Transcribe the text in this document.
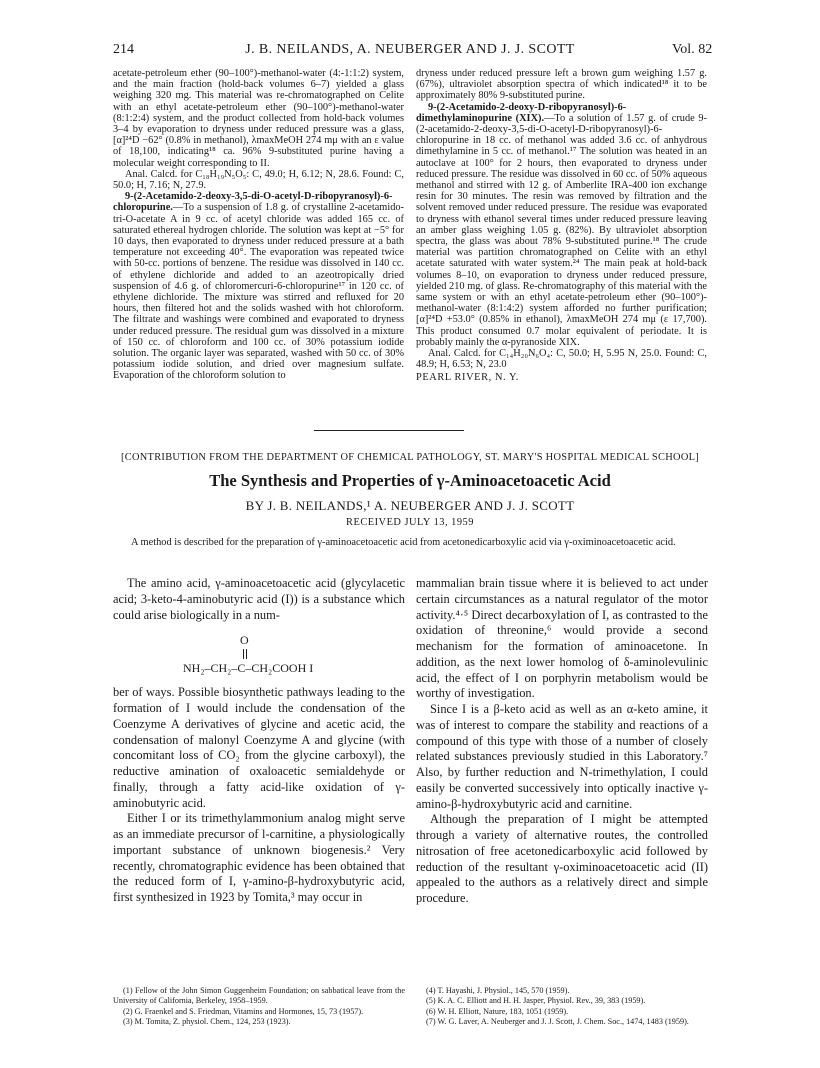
214	J. B. NEILANDS, A. NEUBERGER AND J. J. SCOTT	Vol. 82

acetate-petroleum ether (90–100°)-methanol-water (4:-1:1:2) system, and the main fraction (hold-back volumes 6–7) yielded a glass weighing 320 mg. This material was re-chromatographed on Celite with an ethyl acetate-petroleum ether (90–100°)-methanol-water (8:1:2:4) system, and the product collected from hold-back volumes 3–4 by evaporation to dryness under reduced pressure was a glass, [α]²⁴D −62° (0.8% in methanol), λmaxMeOH 274 mμ with an ε value of 18,100, indicating¹⁸ ca. 96% 9-substituted purine having a molecular weight corresponding to II.

Anal. Calcd. for C₁₈H₁₉N₅O₅: C, 49.0; H, 6.12; N, 28.6. Found: C, 50.0; H, 7.16; N, 27.9.

9-(2-Acetamido-2-deoxy-3,5-di-O-acetyl-D-ribopyranosyl)-6-chloropurine.—To a suspension of 1.8 g. of crystalline 2-acetamido-tri-O-acetate A in 9 cc. of acetyl chloride was added 165 cc. of saturated ethereal hydrogen chloride. The solution was kept at −5° for 10 days, then evaporated to dryness under reduced pressure at a bath temperature not exceeding 40°. The evaporation was repeated twice with 50-cc. portions of benzene. The residue was dissolved in 140 cc. of ethylene dichloride and added to an azeotropically dried suspension of 4.6 g. of chloromercuri-6-chloropurine¹⁷ in 120 cc. of ethylene dichloride. The mixture was stirred and refluxed for 20 hours, then filtered hot and the solids washed with hot chloroform. The filtrate and washings were combined and evaporated to dryness under reduced pressure. The residual gum was dissolved in a mixture of 150 cc. of chloroform and 100 cc. of 30% potassium iodide solution. The organic layer was separated, washed with 50 cc. of 30% potassium iodide solution, and dried over magnesium sulfate. Evaporation of the chloroform solution to

dryness under reduced pressure left a brown gum weighing 1.57 g. (67%), ultraviolet absorption spectra of which indicated¹⁸ it to be approximately 80% 9-substituted purine.

9-(2-Acetamido-2-deoxy-D-ribopyranosyl)-6-dimethylaminopurine (XIX).—To a solution of 1.57 g. of crude 9-(2-acetamido-2-deoxy-3,5-di-O-acetyl-D-ribopyranosyl)-6-chloropurine in 18 cc. of methanol was added 3.6 cc. of anhydrous dimethylamine in 5 cc. of methanol.¹⁷ The solution was heated in an autoclave at 100° for 2 hours, then evaporated to dryness under reduced pressure. The residue was dissolved in 60 cc. of 50% aqueous methanol and stirred with 12 g. of Amberlite IRA-400 ion exchange resin for 30 minutes. The resin was removed by filtration and the solvent removed under reduced pressure. The residue was evaporated to dryness with ethanol several times under reduced pressure leaving an amber glass weighing 1.05 g. (82%). By ultraviolet absorption spectra, the glass was about 78% 9-substituted purine.¹⁸ The crude material was partition chromatographed on Celite with an ethyl acetate saturated with water system.²⁴ The main peak at hold-back volumes 8–10, on evaporation to dryness under reduced pressure, yielded 210 mg. of glass. Re-chromatography of this material with the same system or with an ethyl acetate-petroleum ether (90–100°)-methanol-water (8:1:4:2) system afforded no further purification; [α]²⁴D +53.0° (0.85% in ethanol), λmaxMeOH 274 mμ (ε 17,700). This product consumed 0.7 molar equivalent of periodate. It is probably mainly the α-pyranoside XIX.

Anal. Calcd. for C₁₄H₂₀N₆O₄: C, 50.0; H, 5.95 N, 25.0. Found: C, 48.9; H, 6.53; N, 23.0

PEARL RIVER, N. Y.

[CONTRIBUTION FROM THE DEPARTMENT OF CHEMICAL PATHOLOGY, ST. MARY'S HOSPITAL MEDICAL SCHOOL]
The Synthesis and Properties of γ-Aminoacetoacetic Acid
BY J. B. NEILANDS,¹ A. NEUBERGER AND J. J. SCOTT
RECEIVED JULY 13, 1959
A method is described for the preparation of γ-aminoacetoacetic acid from acetonedicarboxylic acid via γ-oximinoacetoacetic acid.

The amino acid, γ-aminoacetoacetic acid (glycylacetic acid; 3-keto-4-aminobutyric acid (I)) is a substance which could arise biologically in a num-

O
NH₂–CH₂–C–CH₂COOH I

ber of ways. Possible biosynthetic pathways leading to the formation of I would include the condensation of the Coenzyme A derivatives of glycine and acetic acid, the condensation of malonyl Coenzyme A and glycine (with concomitant loss of CO₂ from the glycine carboxyl), the reductive amination of oxaloacetic semialdehyde or finally, through a fatty acid-like oxidation of γ-aminobutyric acid.

Either I or its trimethylammonium analog might serve as an immediate precursor of l-carnitine, a physiologically important substance of unknown biogenesis.² Very recently, chromatographic evidence has been obtained that the reduced form of I, γ-amino-β-hydroxybutyric acid, first synthesized in 1923 by Tomita,³ may occur in

mammalian brain tissue where it is believed to act under certain circumstances as a natural regulator of the motor activity.⁴·⁵ Direct decarboxylation of I, as contrasted to the oxidation of threonine,⁶ would provide a second mechanism for the formation of aminoacetone. In addition, as the next lower homolog of δ-aminolevulinic acid, the effect of I on porphyrin metabolism would be worthy of investigation.

Since I is a β-keto acid as well as an α-keto amine, it was of interest to compare the stability and reactions of a compound of this type with those of a number of closely related substances previously studied in this Laboratory.⁷ Also, by further reduction and N-trimethylation, I could easily be converted successively into optically inactive γ-amino-β-hydroxybutyric acid and carnitine.

Although the preparation of I might be attempted through a variety of alternative routes, the controlled nitrosation of free acetonedicarboxylic acid followed by reduction of the resultant γ-oximinoacetoacetic acid (II) appealed to the authors as a relatively direct and simple procedure.

(1) Fellow of the John Simon Guggenheim Foundation; on sabbatical leave from the University of California, Berkeley, 1958–1959.

(2) G. Fraenkel and S. Friedman, Vitamins and Hormones, 15, 73 (1957).

(3) M. Tomita, Z. physiol. Chem., 124, 253 (1923).

(4) T. Hayashi, J. Physiol., 145, 570 (1959).

(5) K. A. C. Elliott and H. H. Jasper, Physiol. Rev., 39, 383 (1959).

(6) W. H. Elliott, Nature, 183, 1051 (1959).

(7) W. G. Laver, A. Neuberger and J. J. Scott, J. Chem. Soc., 1474, 1483 (1959).
